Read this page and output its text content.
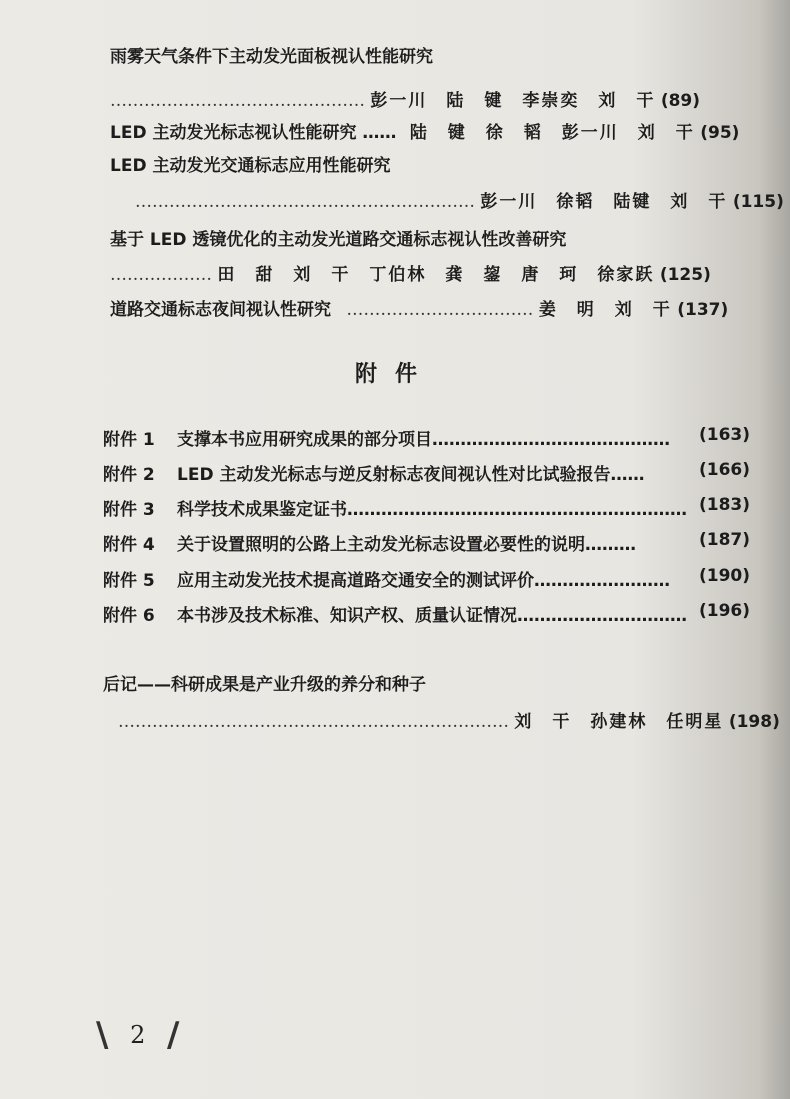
雨雾天气条件下主动发光面板视认性能研究
……………………………………… 彭一川　陆　键　李崇奕　刘　干 (89)
LED 主动发光标志视认性能研究 …… 陆　键　徐　韬　彭一川　刘　干 (95)
LED 主动发光交通标志应用性能研究
…………………………………………………… 彭一川　徐韬　陆键　刘　干 (115)
基于 LED 透镜优化的主动发光道路交通标志视认性改善研究
……………… 田　甜　刘　干　丁伯林　龚　鋆　唐　珂　徐家跃 (125)
道路交通标志夜间视认性研究 …………………………… 姜　明　刘　干 (137)
附件
附件 1	支撑本书应用研究成果的部分项目…………………………………… (163)
附件 2	LED 主动发光标志与逆反射标志夜间视认性对比试验报告……	(166)
附件 3	科学技术成果鉴定证书…………………………………………………… (183)
附件 4	关于设置照明的公路上主动发光标志设置必要性的说明………	(187)
附件 5	应用主动发光技术提高道路交通安全的测试评价…………………… (190)
附件 6	本书涉及技术标准、知识产权、质量认证情况………………………… (196)
后记——科研成果是产业升级的养分和种子
…………………………………………………………… 刘　干　孙建林　任明星 (198)
\ 2 /
